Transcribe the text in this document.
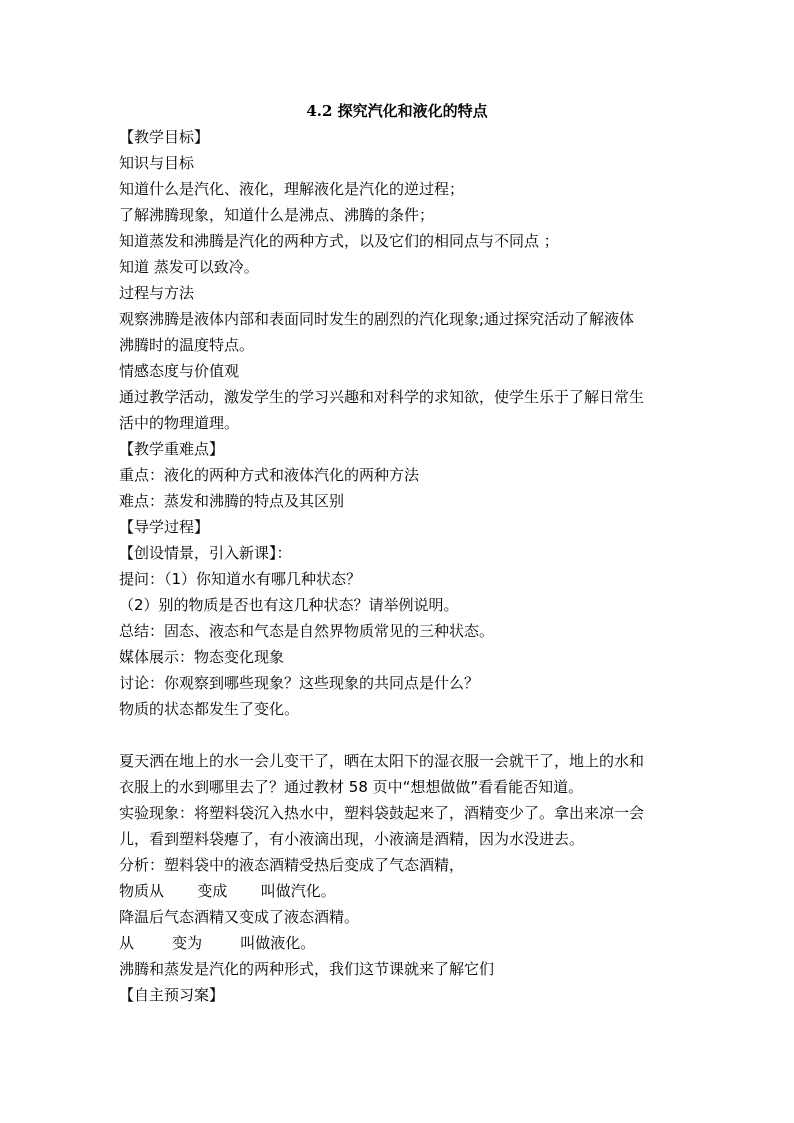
4.2 探究汽化和液化的特点
【教学目标】
知识与目标
知道什么是汽化、液化，理解液化是汽化的逆过程；
了解沸腾现象，知道什么是沸点、沸腾的条件；
知道蒸发和沸腾是汽化的两种方式，以及它们的相同点与不同点 ；
知道 蒸发可以致冷。
过程与方法
观察沸腾是液体内部和表面同时发生的剧烈的汽化现象;通过探究活动了解液体
沸腾时的温度特点。
情感态度与价值观
通过教学活动，激发学生的学习兴趣和对科学的求知欲，使学生乐于了解日常生
活中的物理道理。
【教学重难点】
重点：液化的两种方式和液体汽化的两种方法
难点：蒸发和沸腾的特点及其区别
【导学过程】
【创设情景，引入新课】：
提问：（1）你知道水有哪几种状态？
（2）别的物质是否也有这几种状态？请举例说明。
总结：固态、液态和气态是自然界物质常见的三种状态。
媒体展示：物态变化现象
讨论：你观察到哪些现象？这些现象的共同点是什么？
物质的状态都发生了变化。
夏天洒在地上的水一会儿变干了，晒在太阳下的湿衣服一会就干了，地上的水和
衣服上的水到哪里去了？通过教材 58 页中“想想做做”看看能否知道。
实验现象：将塑料袋沉入热水中，塑料袋鼓起来了，酒精变少了。拿出来凉一会
儿，看到塑料袋瘪了，有小液滴出现，小液滴是酒精，因为水没进去。
分析：塑料袋中的液态酒精受热后变成了气态酒精，
物质从       变成       叫做汽化。
降温后气态酒精又变成了液态酒精。
从        变为        叫做液化。
沸腾和蒸发是汽化的两种形式，我们这节课就来了解它们
【自主预习案】
